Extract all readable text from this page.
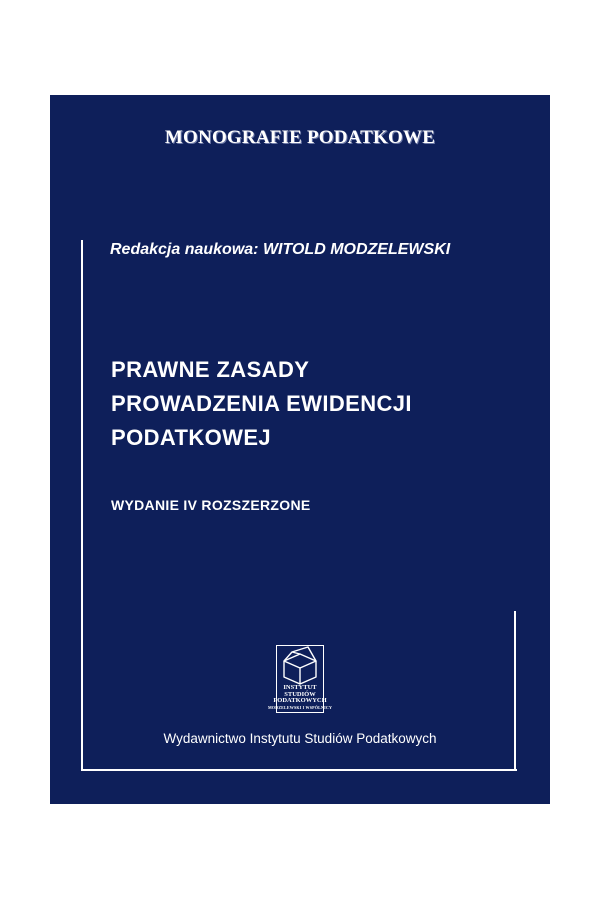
MONOGRAFIE PODATKOWE
Redakcja naukowa: WITOLD MODZELEWSKI
PRAWNE ZASADY
PROWADZENIA EWIDENCJI
PODATKOWEJ
WYDANIE IV ROZSZERZONE
INSTYTUT
STUDIÓW
PODATKOWYCH
MODZELEWSKI I WSPÓLNICY
Wydawnictwo Instytutu Studiów Podatkowych
